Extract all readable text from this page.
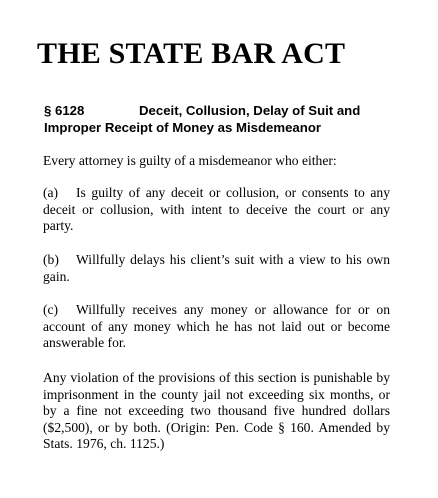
THE STATE BAR ACT
§ 6128	Deceit, Collusion, Delay of Suit and
Improper Receipt of Money as Misdemeanor

Every attorney is guilty of a misdemeanor who either:

(a) Is guilty of any deceit or collusion, or consents to any deceit or collusion, with intent to deceive the court or any party.

(b) Willfully delays his client’s suit with a view to his own gain.

(c) Willfully receives any money or allowance for or on account of any money which he has not laid out or become answerable for.

Any violation of the provisions of this section is punishable by imprisonment in the county jail not exceeding six months, or by a fine not exceeding two thousand five hundred dollars ($2,500), or by both. (Origin: Pen. Code § 160. Amended by Stats. 1976, ch. 1125.)
